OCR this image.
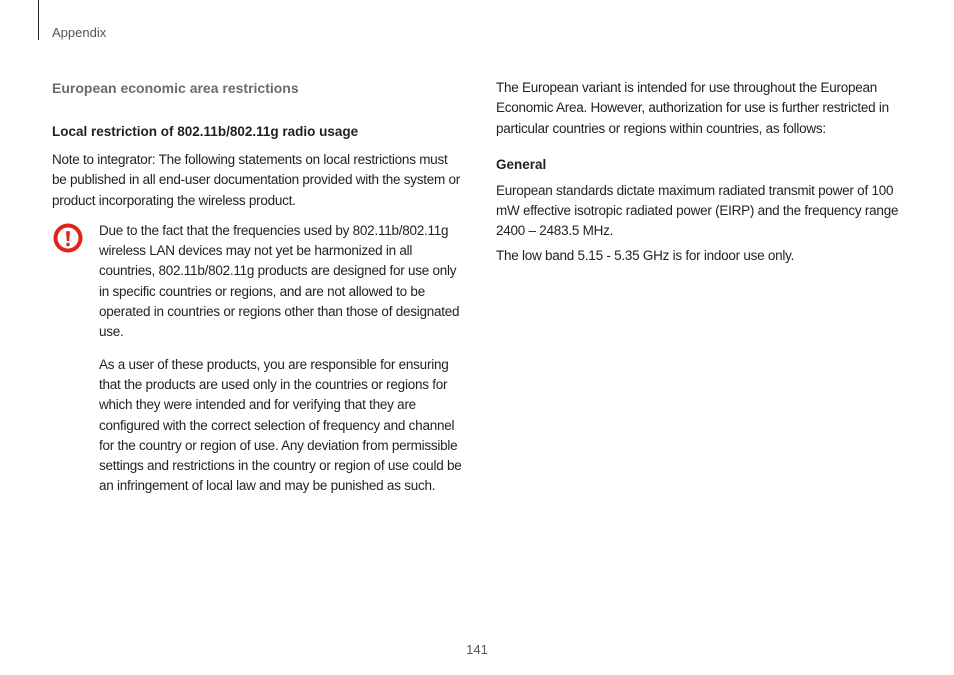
Appendix
European economic area restrictions
Local restriction of 802.11b/802.11g radio usage

Note to integrator: The following statements on local restrictions must be published in all end-user documentation provided with the system or product incorporating the wireless product.

Due to the fact that the frequencies used by 802.11b/802.11g wireless LAN devices may not yet be harmonized in all countries, 802.11b/802.11g products are designed for use only in specific countries or regions, and are not allowed to be operated in countries or regions other than those of designated use.

As a user of these products, you are responsible for ensuring that the products are used only in the countries or regions for which they were intended and for verifying that they are configured with the correct selection of frequency and channel for the country or region of use. Any deviation from permissible settings and restrictions in the country or region of use could be an infringement of local law and may be punished as such.

The European variant is intended for use throughout the European Economic Area. However, authorization for use is further restricted in particular countries or regions within countries, as follows:

General

European standards dictate maximum radiated transmit power of 100 mW effective isotropic radiated power (EIRP) and the frequency range 2400 – 2483.5 MHz.

The low band 5.15 - 5.35 GHz is for indoor use only.

141
